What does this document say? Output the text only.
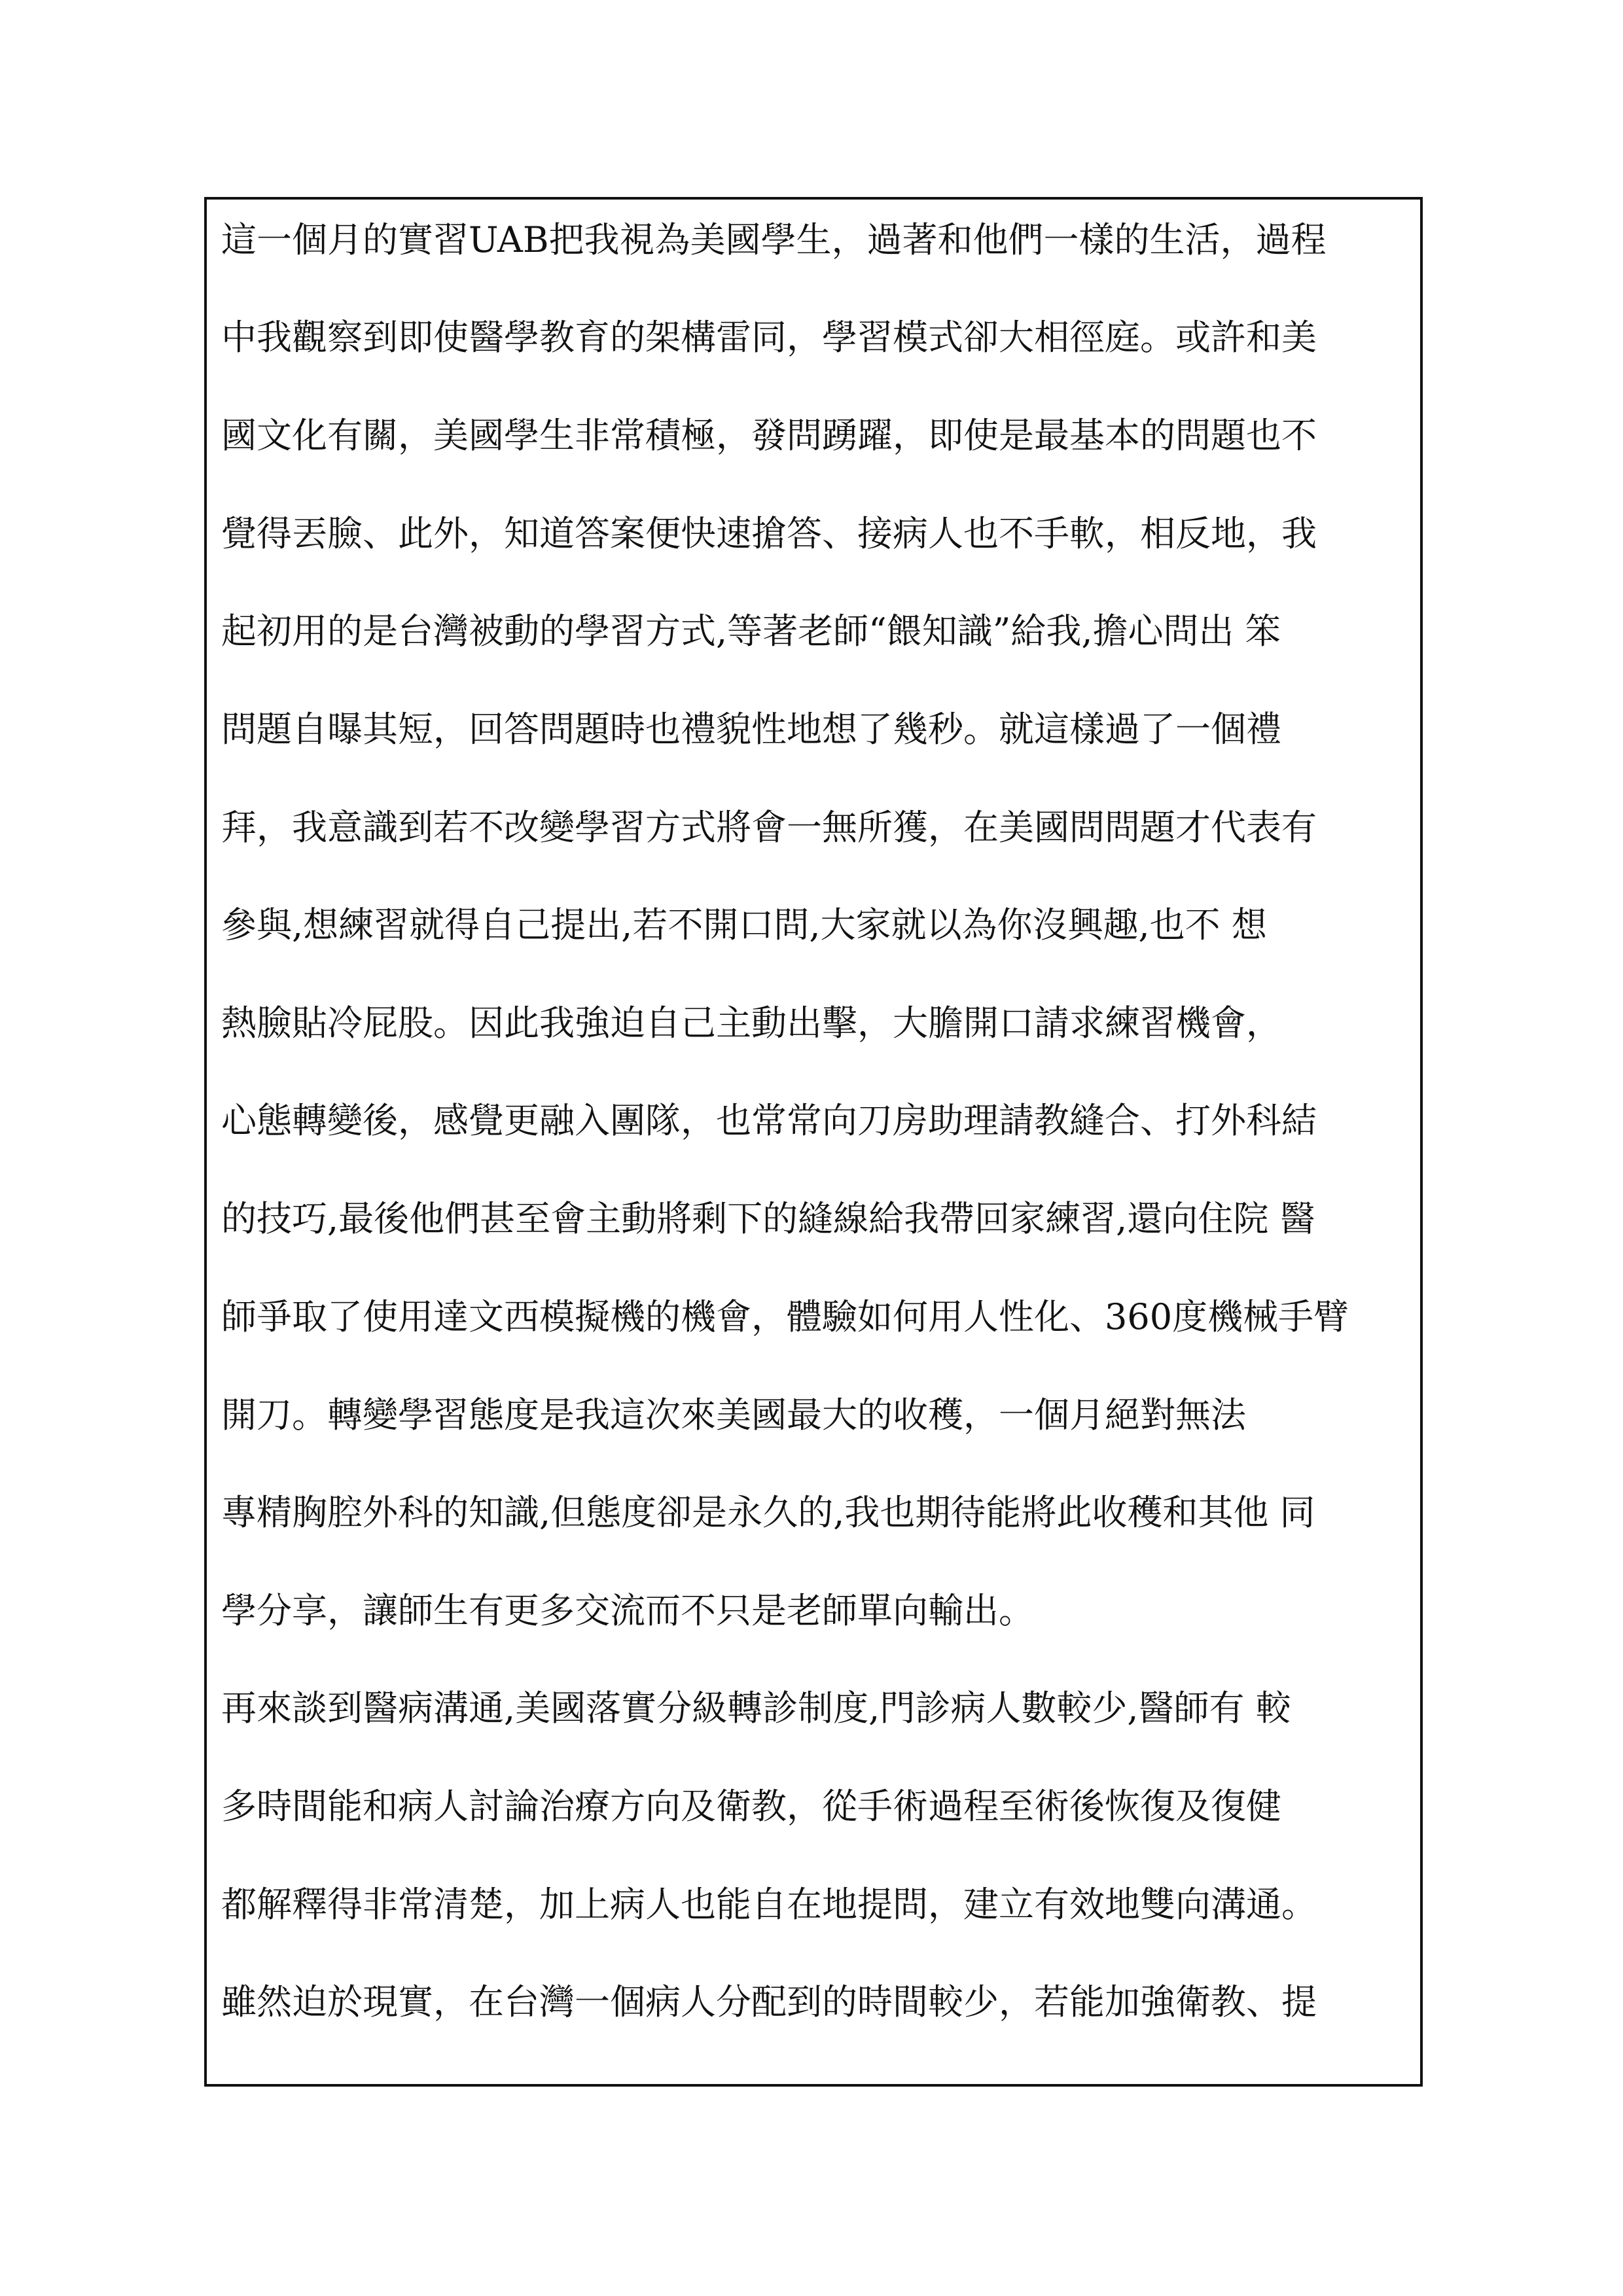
這一個月的實習UAB把我視為美國學生，過著和他們一樣的生活，過程
中我觀察到即使醫學教育的架構雷同，學習模式卻大相徑庭。或許和美
國文化有關，美國學生非常積極，發問踴躍，即使是最基本的問題也不
覺得丟臉、此外，知道答案便快速搶答、接病人也不手軟，相反地，我
起初用的是台灣被動的學習方式,等著老師“餵知識”給我,擔心問出 笨
問題自曝其短，回答問題時也禮貌性地想了幾秒。就這樣過了一個禮
拜，我意識到若不改變學習方式將會一無所獲，在美國問問題才代表有
參與,想練習就得自己提出,若不開口問,大家就以為你沒興趣,也不 想
熱臉貼冷屁股。因此我強迫自己主動出擊，大膽開口請求練習機會，
心態轉變後，感覺更融入團隊，也常常向刀房助理請教縫合、打外科結
的技巧,最後他們甚至會主動將剩下的縫線給我帶回家練習,還向住院 醫
師爭取了使用達文西模擬機的機會，體驗如何用人性化、360度機械手臂
開刀。轉變學習態度是我這次來美國最大的收穫，一個月絕對無法
專精胸腔外科的知識,但態度卻是永久的,我也期待能將此收穫和其他 同
學分享，讓師生有更多交流而不只是老師單向輸出。
再來談到醫病溝通,美國落實分級轉診制度,門診病人數較少,醫師有 較
多時間能和病人討論治療方向及衛教，從手術過程至術後恢復及復健
都解釋得非常清楚，加上病人也能自在地提問，建立有效地雙向溝通。
雖然迫於現實，在台灣一個病人分配到的時間較少，若能加強衛教、提
